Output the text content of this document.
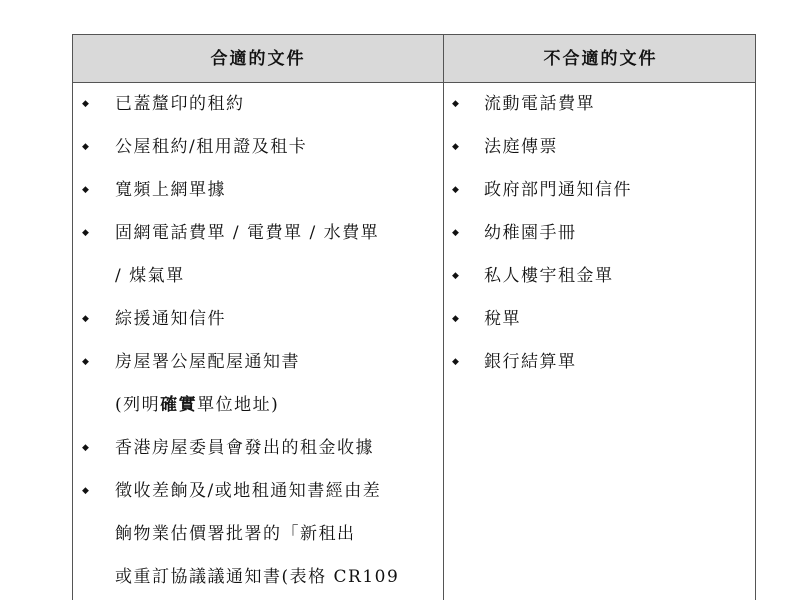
合適的文件	不合適的文件
◆ 已蓋釐印的租約
◆ 公屋租約/租用證及租卡
◆ 寬頻上網單據
◆ 固網電話費單 / 電費單 / 水費單
/ 煤氣單
◆ 綜援通知信件
◆ 房屋署公屋配屋通知書
(列明確實單位地址)
◆ 香港房屋委員會發出的租金收據
◆ 徵收差餉及/或地租通知書經由差
餉物業估價署批署的「新租出
或重訂協議議通知書(表格 CR109
◆ 流動電話費單
◆ 法庭傳票
◆ 政府部門通知信件
◆ 幼稚園手冊
◆ 私人樓宇租金單
◆ 稅單
◆ 銀行結算單
